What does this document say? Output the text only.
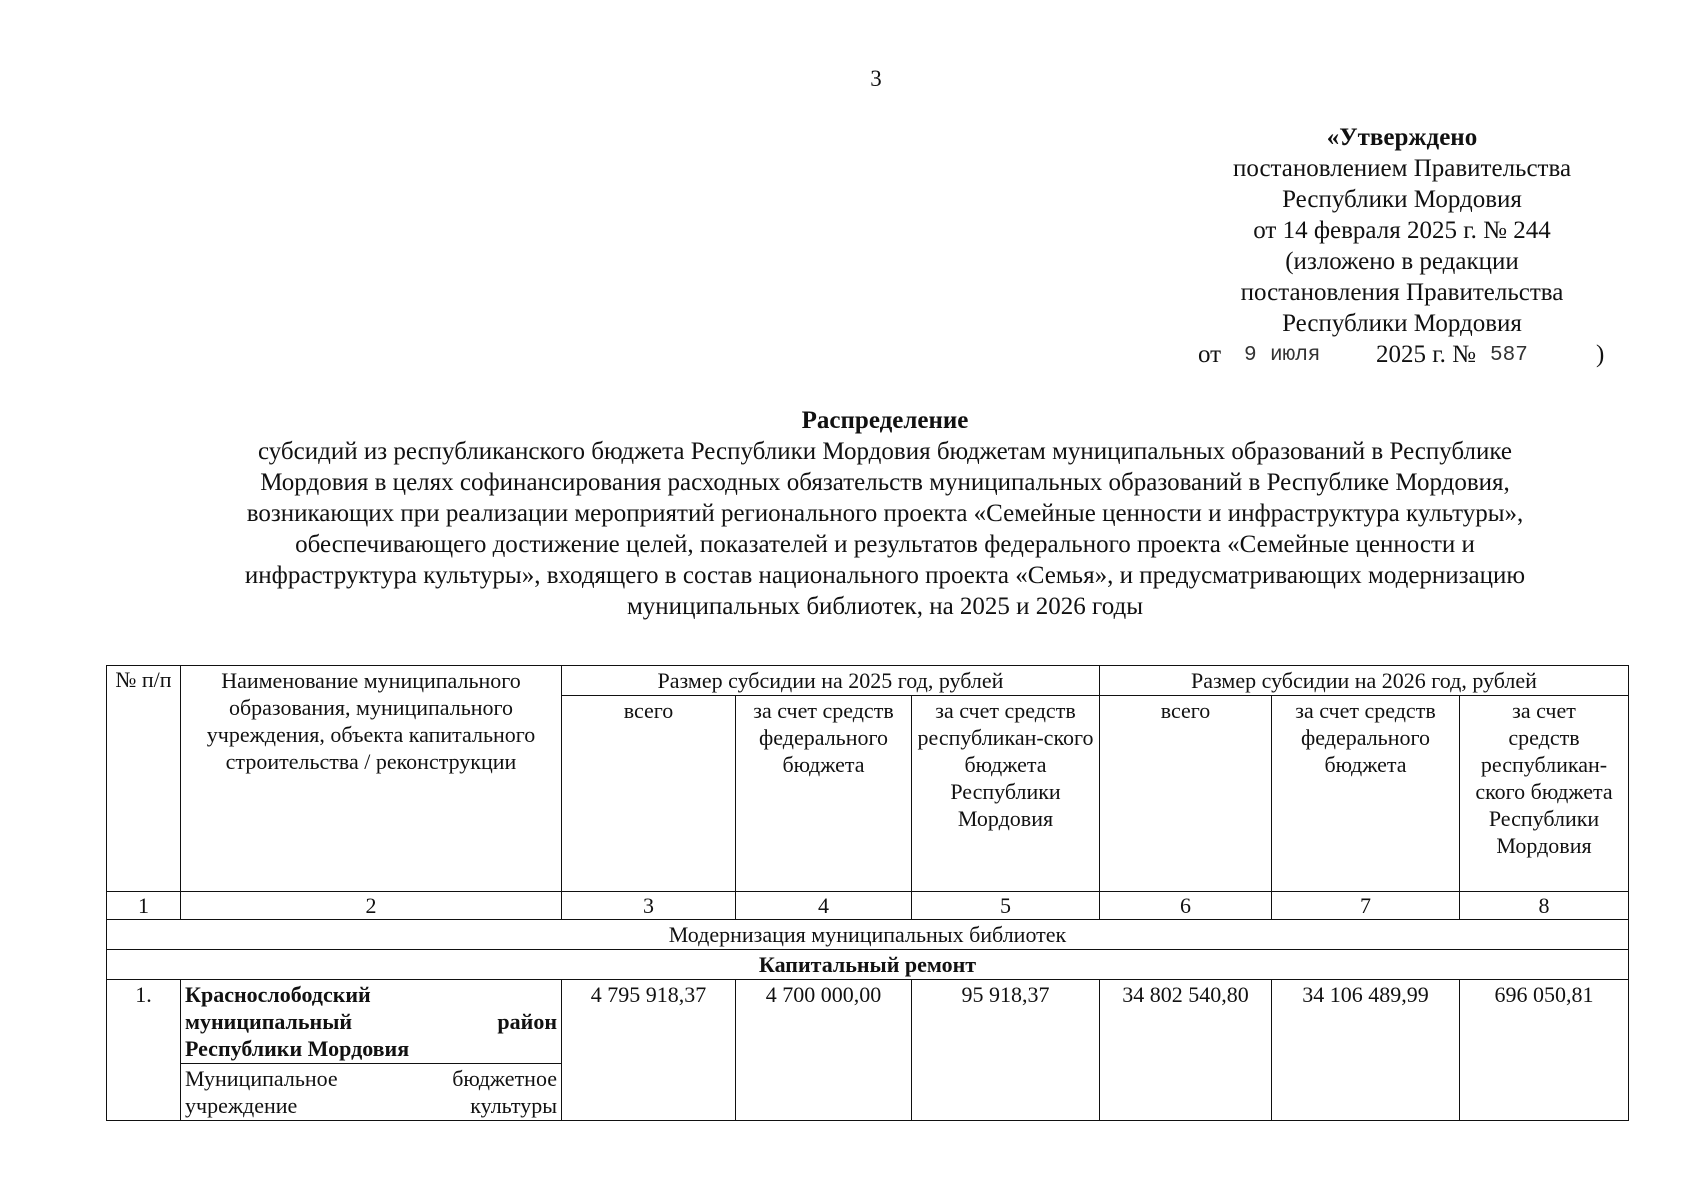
3
«Утверждено
постановлением Правительства
Республики Мордовия
от 14 февраля 2025 г. № 244
(изложено в редакции
постановления Правительства
Республики Мордовия
от 9 июля 2025 г. № 587	)
Распределение
субсидий из республиканского бюджета Республики Мордовия бюджетам муниципальных образований в Республике
Мордовия в целях софинансирования расходных обязательств муниципальных образований в Республике Мордовия,
возникающих при реализации мероприятий регионального проекта «Семейные ценности и инфраструктура культуры»,
обеспечивающего достижение целей, показателей и результатов федерального проекта «Семейные ценности и
инфраструктура культуры», входящего в состав национального проекта «Семья», и предусматривающих модернизацию
муниципальных библиотек, на 2025 и 2026 годы
№ п/п	Наименование муниципального образования, муниципального учреждения, объекта капитального строительства / реконструкции	Размер субсидии на 2025 год, рублей			Размер субсидии на 2026 год, рублей		
		всего	за счет средств федерального бюджета	за счет средств республикан-ского бюджета Республики Мордовия	всего	за счет средств федерального бюджета	за счет средств республикан-ского бюджета Республики Мордовия
1	2	3	4	5	6	7	8
Модернизация муниципальных библиотек							
Капитальный ремонт							
1.	Краснослободский
муниципальный район
Республики Мордовия	4 795 918,37	4 700 000,00	95 918,37	34 802 540,80	34 106 489,99	696 050,81

	Муниципальное бюджетное
учреждение культуры						
